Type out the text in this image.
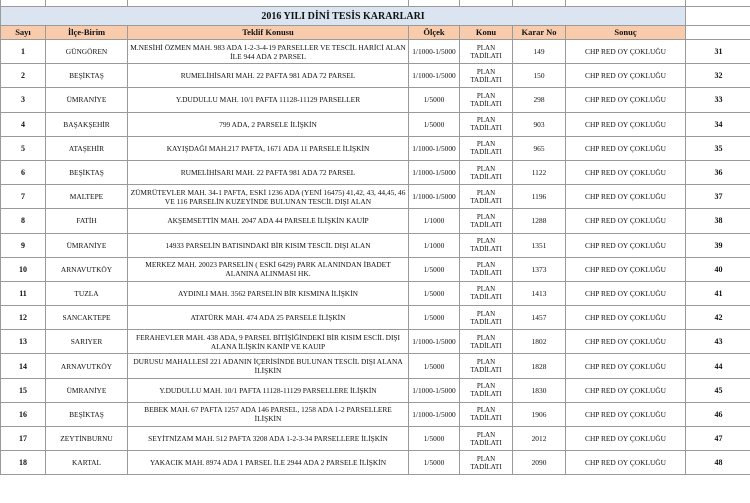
2016 YILI DİNİ TESİS KARARLARI							
Sayı	İlçe-Birim	Teklif Konusu	Ölçek	Konu	Karar No	Sonuç	
1	GÜNGÖREN	M.NESİHİ ÖZMEN MAH. 983 ADA 1-2-3-4-19 PARSELLER VE TESCİL HARİCİ ALAN İLE 944 ADA 2 PARSEL	1/1000-1/5000	PLAN TADİLATI	149	CHP RED OY ÇOKLUĞU	31
2	BEŞİKTAŞ	RUMELİHİSARI MAH. 22 PAFTA 981 ADA 72 PARSEL	1/1000-1/5000	PLAN TADİLATI	150	CHP RED OY ÇOKLUĞU	32
3	ÜMRANİYE	Y.DUDULLU MAH. 10/1 PAFTA 11128-11129 PARSELLER	1/5000	PLAN TADİLATI	298	CHP RED OY ÇOKLUĞU	33
4	BAŞAKŞEHİR	799 ADA, 2 PARSELE İLİŞKİN	1/5000	PLAN TADİLATI	903	CHP RED OY ÇOKLUĞU	34
5	ATAŞEHİR	KAYIŞDAĞI MAH.217 PAFTA, 1671 ADA 11 PARSELE İLİŞKİN	1/1000-1/5000	PLAN TADİLATI	965	CHP RED OY ÇOKLUĞU	35
6	BEŞİKTAŞ	RUMELİHİSARI MAH. 22 PAFTA 981 ADA 72 PARSEL	1/1000-1/5000	PLAN TADİLATI	1122	CHP RED OY ÇOKLUĞU	36
7	MALTEPE	ZÜMRÜTEVLER MAH. 34-1 PAFTA, ESKİ 1236 ADA (YENİ 16475) 41,42, 43, 44,45, 46 VE 116 PARSELİN KUZEYİNDE BULUNAN TESCİL DIŞI ALAN	1/1000-1/5000	PLAN TADİLATI	1196	CHP RED OY ÇOKLUĞU	37
8	FATİH	AKŞEMSETTİN MAH. 2047 ADA 44 PARSELE İLİŞKİN KAUİP	1/1000	PLAN TADİLATI	1288	CHP RED OY ÇOKLUĞU	38
9	ÜMRANİYE	14933 PARSELİN BATISINDAKİ BİR KISIM TESCİL DIŞI ALAN	1/1000	PLAN TADİLATI	1351	CHP RED OY ÇOKLUĞU	39
10	ARNAVUTKÖY	MERKEZ MAH. 20023 PARSELİN ( ESKİ 6429) PARK ALANINDAN İBADET ALANINA ALINMASI HK.	1/5000	PLAN TADİLATI	1373	CHP RED OY ÇOKLUĞU	40
11	TUZLA	AYDINLI MAH. 3562 PARSELİN BİR KISMINA İLİŞKİN	1/5000	PLAN TADİLATI	1413	CHP RED OY ÇOKLUĞU	41
12	SANCAKTEPE	ATATÜRK MAH. 474 ADA 25 PARSELE İLİŞKİN	1/5000	PLAN TADİLATI	1457	CHP RED OY ÇOKLUĞU	42
13	SARIYER	FERAHEVLER MAH. 438 ADA, 9 PARSEL BİTİŞİĞİNDEKİ BİR KISIM ESCİL DIŞI ALANA İLİŞKİN KANİP VE KAUIP	1/1000-1/5000	PLAN TADİLATI	1802	CHP RED OY ÇOKLUĞU	43
14	ARNAVUTKÖY	DURUSU MAHALLESİ 221 ADANIN İÇERİSİNDE BULUNAN TESCİL DIŞI ALANA İLİŞKİN	1/5000	PLAN TADİLATI	1828	CHP RED OY ÇOKLUĞU	44
15	ÜMRANİYE	Y.DUDULLU MAH. 10/1 PAFTA 11128-11129 PARSELLERE İLİŞKİN	1/1000-1/5000	PLAN TADİLATI	1830	CHP RED OY ÇOKLUĞU	45
16	BEŞİKTAŞ	BEBEK MAH. 67 PAFTA 1257 ADA 146 PARSEL, 1258 ADA 1-2 PARSELLERE İLİŞKİN	1/1000-1/5000	PLAN TADİLATI	1906	CHP RED OY ÇOKLUĞU	46
17	ZEYTİNBURNU	SEYİTNİZAM MAH. 512 PAFTA 3208 ADA 1-2-3-34 PARSELLERE İLİŞKİN	1/5000	PLAN TADİLATI	2012	CHP RED OY ÇOKLUĞU	47
18	KARTAL	YAKACIK MAH. 8974 ADA 1 PARSEL İLE 2944 ADA 2 PARSELE İLİŞKİN	1/5000	PLAN TADİLATI	2090	CHP RED OY ÇOKLUĞU	48
